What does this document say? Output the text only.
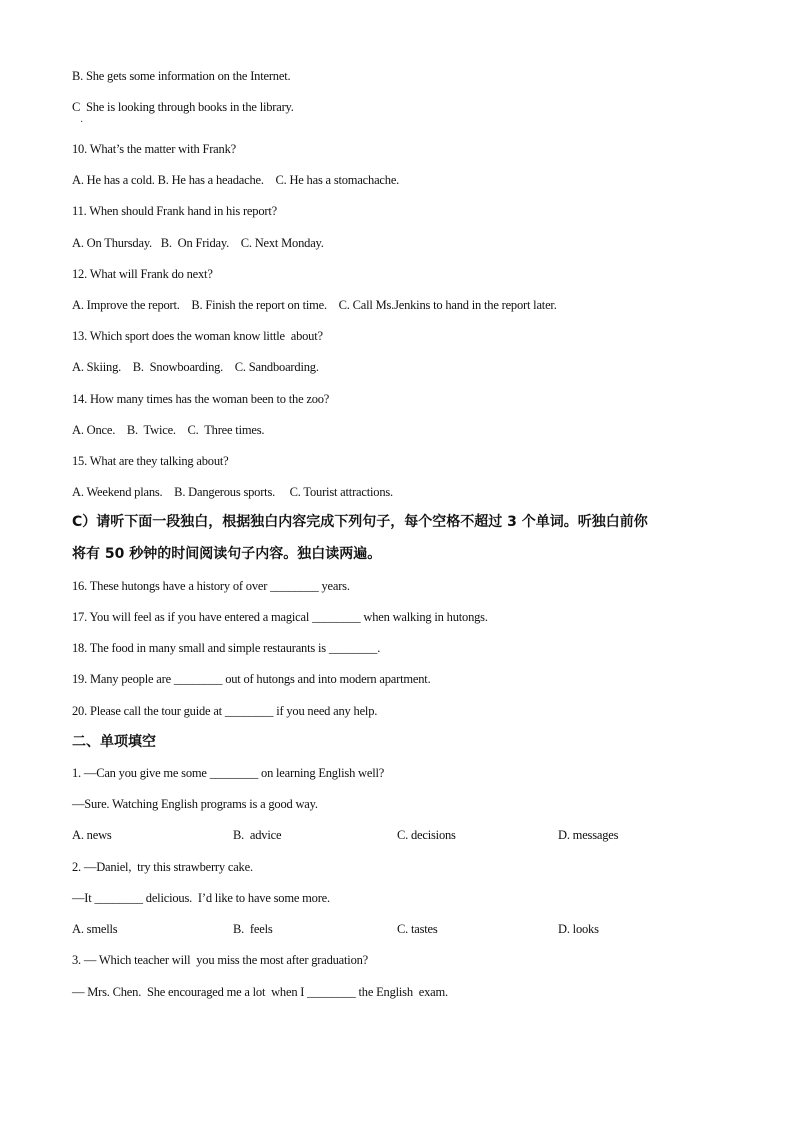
B. She gets some information on the Internet.
C  She is looking through books in the library.
·
10. What’s the matter with Frank?
A. He has a cold. B. He has a headache.    C. He has a stomachache.
11. When should Frank hand in his report?
A. On Thursday.   B.  On Friday.    C. Next Monday.
12. What will Frank do next?
A. Improve the report.    B. Finish the report on time.    C. Call Ms.Jenkins to hand in the report later.
13. Which sport does the woman know little  about?
A. Skiing.    B.  Snowboarding.    C. Sandboarding.
14. How many times has the woman been to the zoo?
A. Once.    B.  Twice.    C.  Three times.
15. What are they talking about?
A. Weekend plans.    B. Dangerous sports.     C. Tourist attractions.
C）请听下面一段独白，根据独白内容完成下列句子，每个空格不超过 3 个单词。听独白前你
将有 50 秒钟的时间阅读句子内容。独白读两遍。
16. These hutongs have a history of over ________ years.
17. You will feel as if you have entered a magical ________ when walking in hutongs.
18. The food in many small and simple restaurants is ________.
19. Many people are ________ out of hutongs and into modern apartment.
20. Please call the tour guide at ________ if you need any help.
二、单项填空
1. —Can you give me some ________ on learning English well?
—Sure. Watching English programs is a good way.
A. news	B.  advice	C. decisions	D. messages
2. —Daniel,  try this strawberry cake.
—It ________ delicious.  I’d like to have some more.
A. smells	B.  feels	C. tastes	D. looks
3. — Which teacher will  you miss the most after graduation?
— Mrs. Chen.  She encouraged me a lot  when I ________ the English  exam.
